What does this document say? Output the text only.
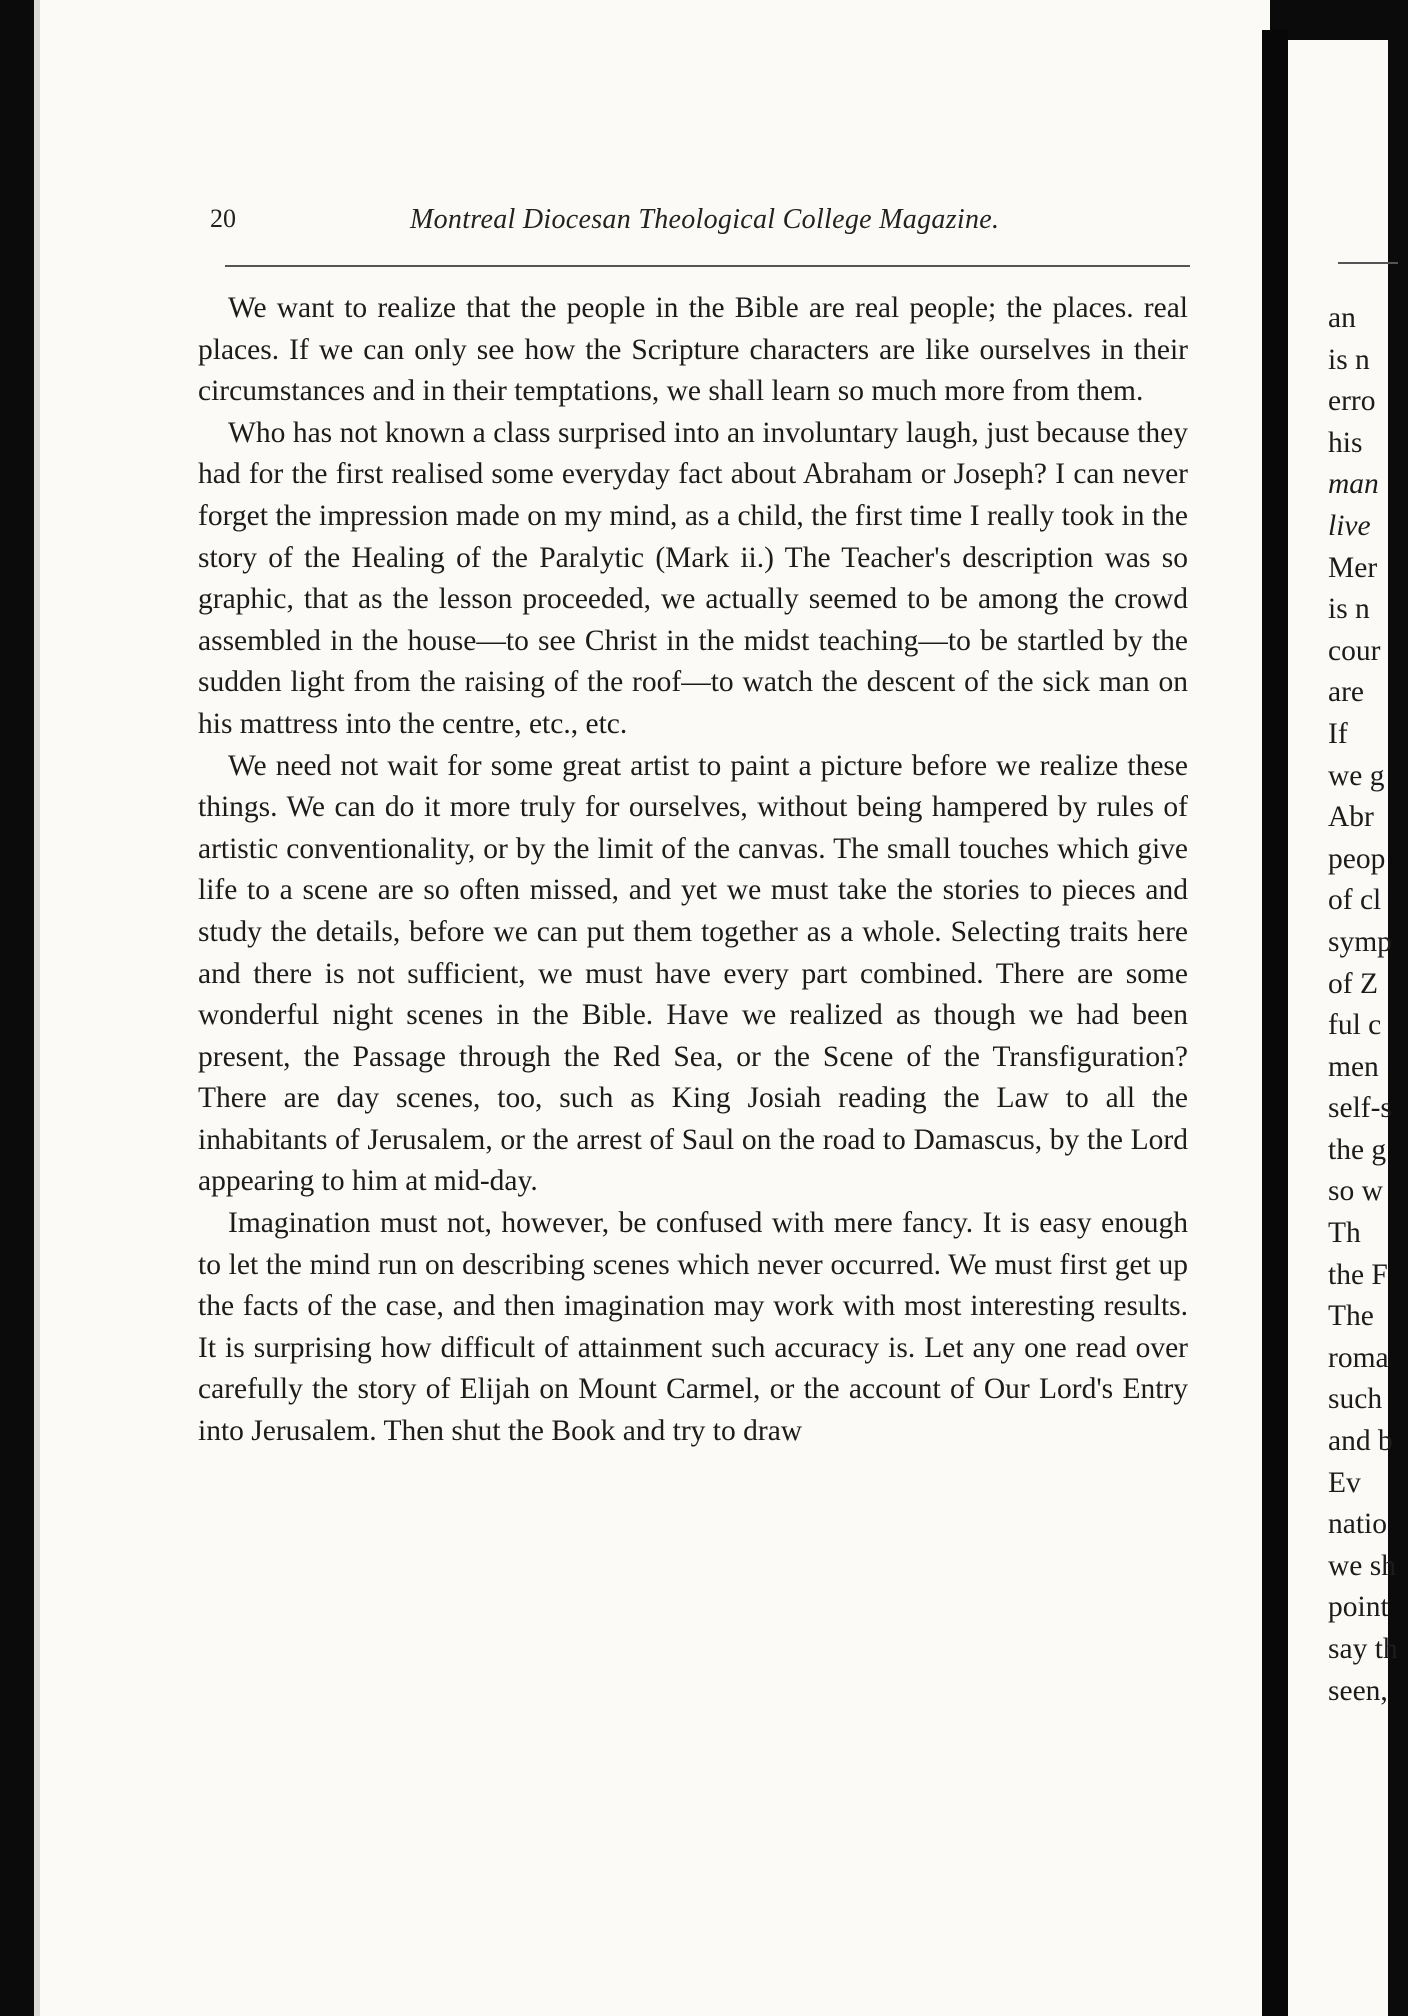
20	Montreal Diocesan Theological College Magazine.

We want to realize that the people in the Bible are real people; the places. real places. If we can only see how the Scripture characters are like ourselves in their circumstances and in their temptations, we shall learn so much more from them.

Who has not known a class surprised into an involuntary laugh, just because they had for the first realised some everyday fact about Abraham or Joseph? I can never forget the impression made on my mind, as a child, the first time I really took in the story of the Healing of the Paralytic (Mark ii.) The Teacher's description was so graphic, that as the lesson proceeded, we actually seemed to be among the crowd assembled in the house—to see Christ in the midst teaching—to be startled by the sudden light from the raising of the roof—to watch the descent of the sick man on his mattress into the centre, etc., etc.

We need not wait for some great artist to paint a picture before we realize these things. We can do it more truly for ourselves, without being hampered by rules of artistic conventionality, or by the limit of the canvas. The small touches which give life to a scene are so often missed, and yet we must take the stories to pieces and study the details, before we can put them together as a whole. Selecting traits here and there is not sufficient, we must have every part combined. There are some wonderful night scenes in the Bible. Have we realized as though we had been present, the Passage through the Red Sea, or the Scene of the Transfiguration? There are day scenes, too, such as King Josiah reading the Law to all the inhabitants of Jerusalem, or the arrest of Saul on the road to Damascus, by the Lord appearing to him at mid-day.

Imagination must not, however, be confused with mere fancy. It is easy enough to let the mind run on describing scenes which never occurred. We must first get up the facts of the case, and then imagination may work with most interesting results. It is surprising how difficult of attainment such accuracy is. Let any one read over carefully the story of Elijah on Mount Carmel, or the account of Our Lord's Entry into Jerusalem. Then shut the Book and try to draw

an
is n
erro
his
man
live
Mer
is n
cour
are
If
we g
Abr
peop
of cl
symp
of Z
ful c
men
self-s
the g
so w
Th
the F
The
roma
such
and b
Ev
natio
we sh
point
say th
seen,
